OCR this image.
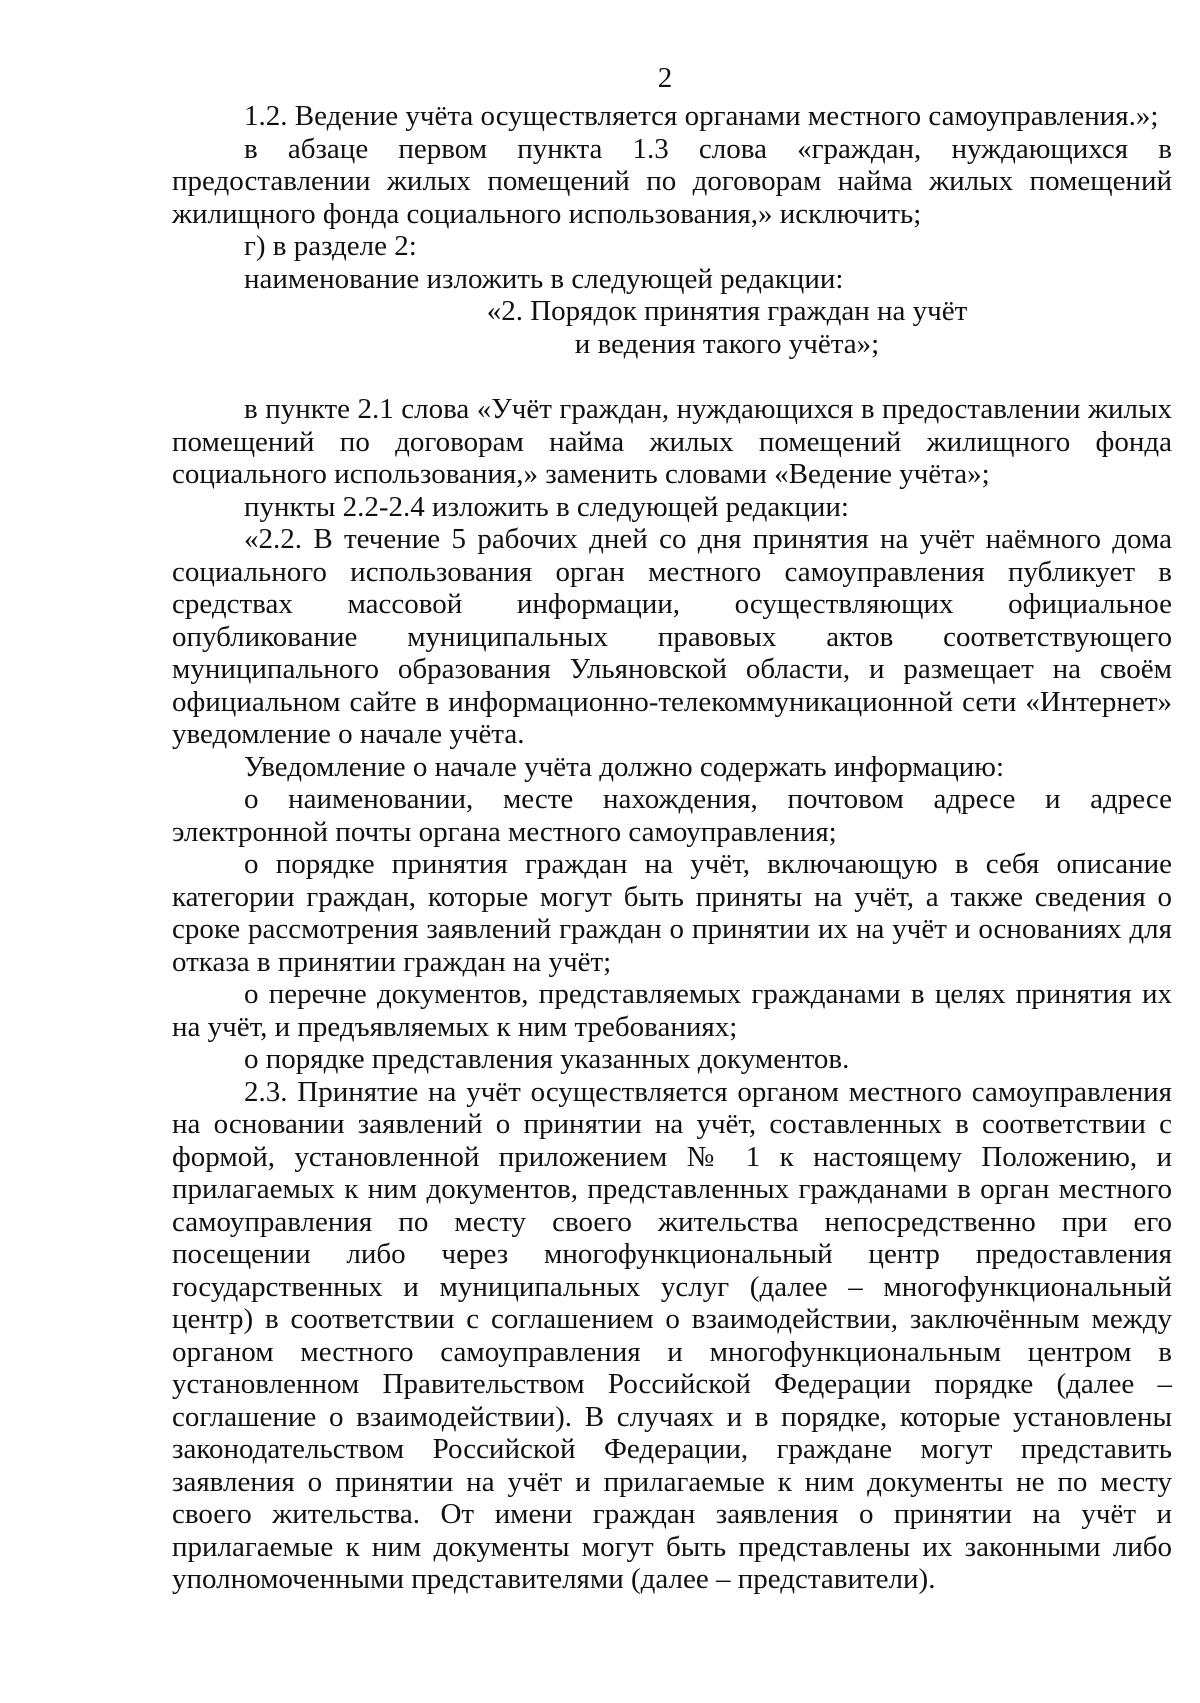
2

1.2. Ведение учёта осуществляется органами местного самоуправления.»;

в абзаце первом пункта 1.3 слова «граждан, нуждающихся в предоставлении жилых помещений по договорам найма жилых помещений жилищного фонда социального использования,» исключить;

г) в разделе 2:

наименование изложить в следующей редакции:

«2. Порядок принятия граждан на учёт

и ведения такого учёта»;

в пункте 2.1 слова «Учёт граждан, нуждающихся в предоставлении жилых помещений по договорам найма жилых помещений жилищного фонда социального использования,» заменить словами «Ведение учёта»;

пункты 2.2-2.4 изложить в следующей редакции:

«2.2. В течение 5 рабочих дней со дня принятия на учёт наёмного дома социального использования орган местного самоуправления публикует в средствах массовой информации, осуществляющих официальное опубликование муниципальных правовых актов соответствующего муниципального образования Ульяновской области, и размещает на своём официальном сайте в информационно-телекоммуникационной сети «Интернет» уведомление о начале учёта.

Уведомление о начале учёта должно содержать информацию:

о наименовании, месте нахождения, почтовом адресе и адресе электронной почты органа местного самоуправления;

о порядке принятия граждан на учёт, включающую в себя описание категории граждан, которые могут быть приняты на учёт, а также сведения о сроке рассмотрения заявлений граждан о принятии их на учёт и основаниях для отказа в принятии граждан на учёт;

о перечне документов, представляемых гражданами в целях принятия их на учёт, и предъявляемых к ним требованиях;

о порядке представления указанных документов.

2.3. Принятие на учёт осуществляется органом местного самоуправления на основании заявлений о принятии на учёт, составленных в соответствии с формой, установленной приложением № 1 к настоящему Положению, и прилагаемых к ним документов, представленных гражданами в орган местного самоуправления по месту своего жительства непосредственно при его посещении либо через многофункциональный центр предоставления государственных и муниципальных услуг (далее – многофункциональный центр) в соответствии с соглашением о взаимодействии, заключённым между органом местного самоуправления и многофункциональным центром в установленном Правительством Российской Федерации порядке (далее – соглашение о взаимодействии). В случаях и в порядке, которые установлены законодательством Российской Федерации, граждане могут представить заявления о принятии на учёт и прилагаемые к ним документы не по месту своего жительства. От имени граждан заявления о принятии на учёт и прилагаемые к ним документы могут быть представлены их законными либо уполномоченными представителями (далее – представители).
